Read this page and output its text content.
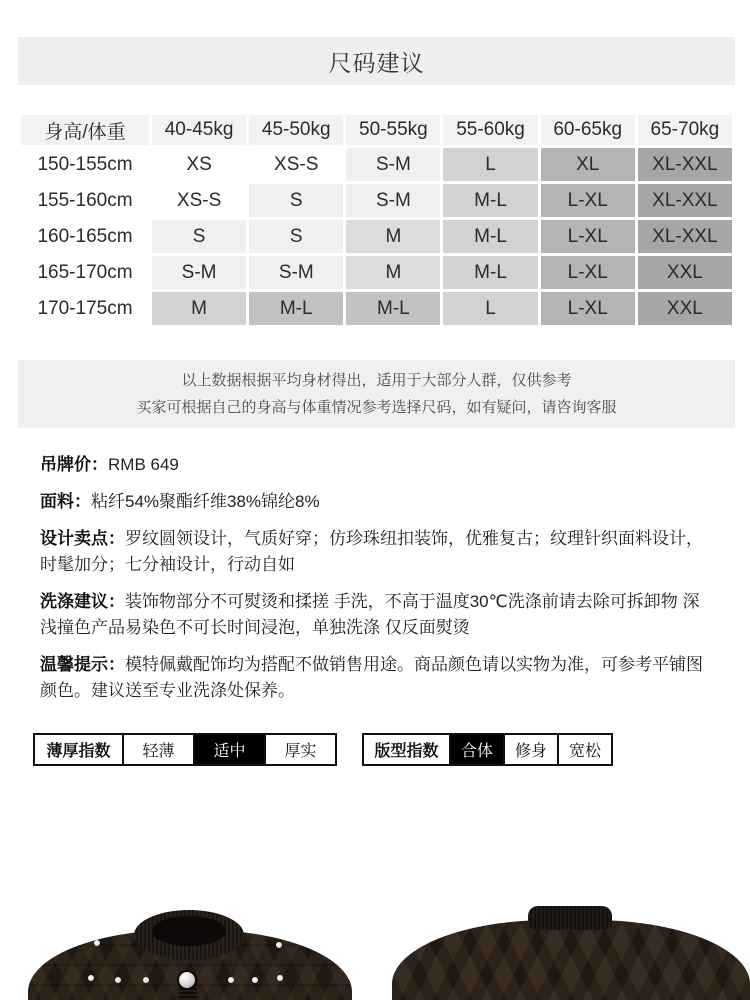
尺码建议
身高/体重	40-45kg	45-50kg	50-55kg	55-60kg	60-65kg	65-70kg
150-155cm	XS	XS-S	S-M	L	XL	XL-XXL
155-160cm	XS-S	S	S-M	M-L	L-XL	XL-XXL
160-165cm	S	S	M	M-L	L-XL	XL-XXL
165-170cm	S-M	S-M	M	M-L	L-XL	XXL
170-175cm	M	M-L	M-L	L	L-XL	XXL
以上数据根据平均身材得出，适用于大部分人群，仅供参考
买家可根据自己的身高与体重情况参考选择尺码，如有疑问，请咨询客服

吊牌价：RMB 649

面料：粘纤54%聚酯纤维38%锦纶8%

设计卖点：罗纹圆领设计，气质好穿；仿珍珠纽扣装饰，优雅复古；纹理针织面料设计，时髦加分；七分袖设计，行动自如

洗涤建议：装饰物部分不可熨烫和揉搓 手洗，不高于温度30℃洗涤前请去除可拆卸物 深浅撞色产品易染色不可长时间浸泡，单独洗涤 仅反面熨烫

温馨提示：模特佩戴配饰均为搭配不做销售用途。商品颜色请以实物为准，可参考平铺图颜色。建议送至专业洗涤处保养。

薄厚指数	轻薄	适中	厚实	版型指数	合体	修身	宽松
